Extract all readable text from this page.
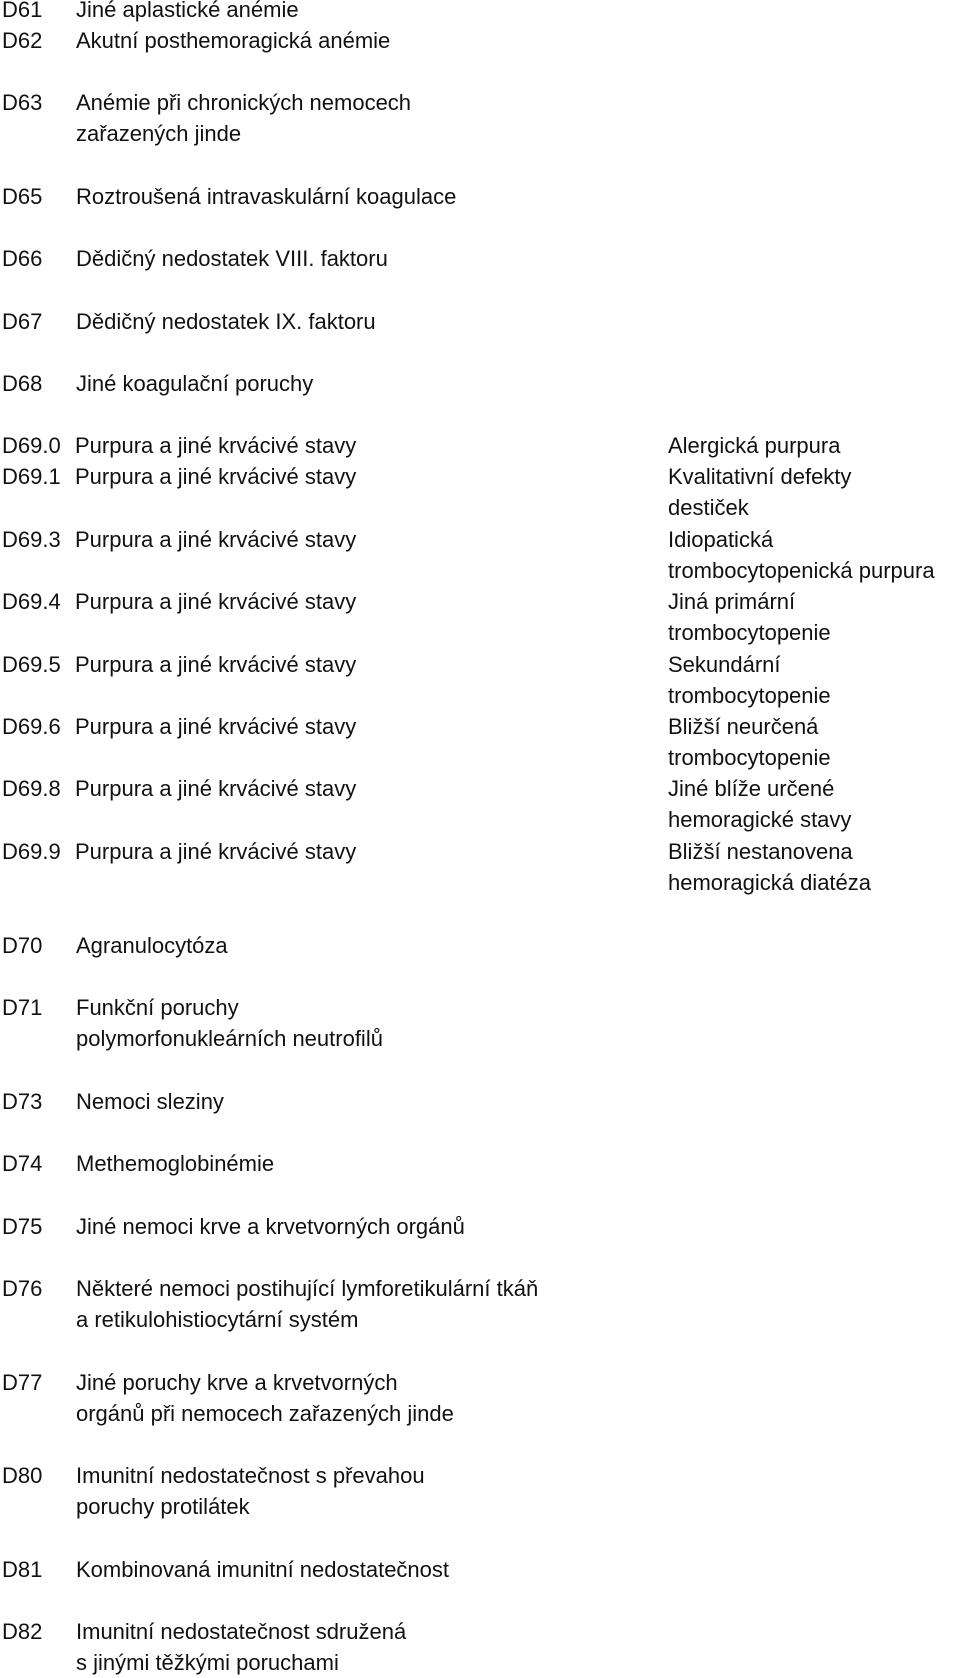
D61 Jiné aplastické anémie
D62 Akutní posthemoragická anémie
D63 Anémie při chronických nemocech
zařazených jinde
D65 Roztroušená intravaskulární koagulace
D66 Dědičný nedostatek VIII. faktoru
D67 Dědičný nedostatek IX. faktoru
D68 Jiné koagulační poruchy
D69.0 Purpura a jiné krvácivé stavy	Alergická purpura
D69.1 Purpura a jiné krvácivé stavy	Kvalitativní defekty
destiček
D69.3 Purpura a jiné krvácivé stavy	Idiopatická
trombocytopenická purpura
D69.4 Purpura a jiné krvácivé stavy	Jiná primární
trombocytopenie
D69.5 Purpura a jiné krvácivé stavy	Sekundární
trombocytopenie
D69.6 Purpura a jiné krvácivé stavy	Bližší neurčená
trombocytopenie
D69.8 Purpura a jiné krvácivé stavy	Jiné blíže určené
hemoragické stavy
D69.9 Purpura a jiné krvácivé stavy	Bližší nestanovena
hemoragická diatéza
D70 Agranulocytóza
D71 Funkční poruchy
polymorfonukleárních neutrofilů
D73 Nemoci sleziny
D74 Methemoglobinémie
D75 Jiné nemoci krve a krvetvorných orgánů
D76 Některé nemoci postihující lymforetikulární tkáň
a retikulohistiocytární systém
D77 Jiné poruchy krve a krvetvorných
orgánů při nemocech zařazených jinde
D80 Imunitní nedostatečnost s převahou
poruchy protilátek
D81 Kombinovaná imunitní nedostatečnost
D82 Imunitní nedostatečnost sdružená
s jinými těžkými poruchami
